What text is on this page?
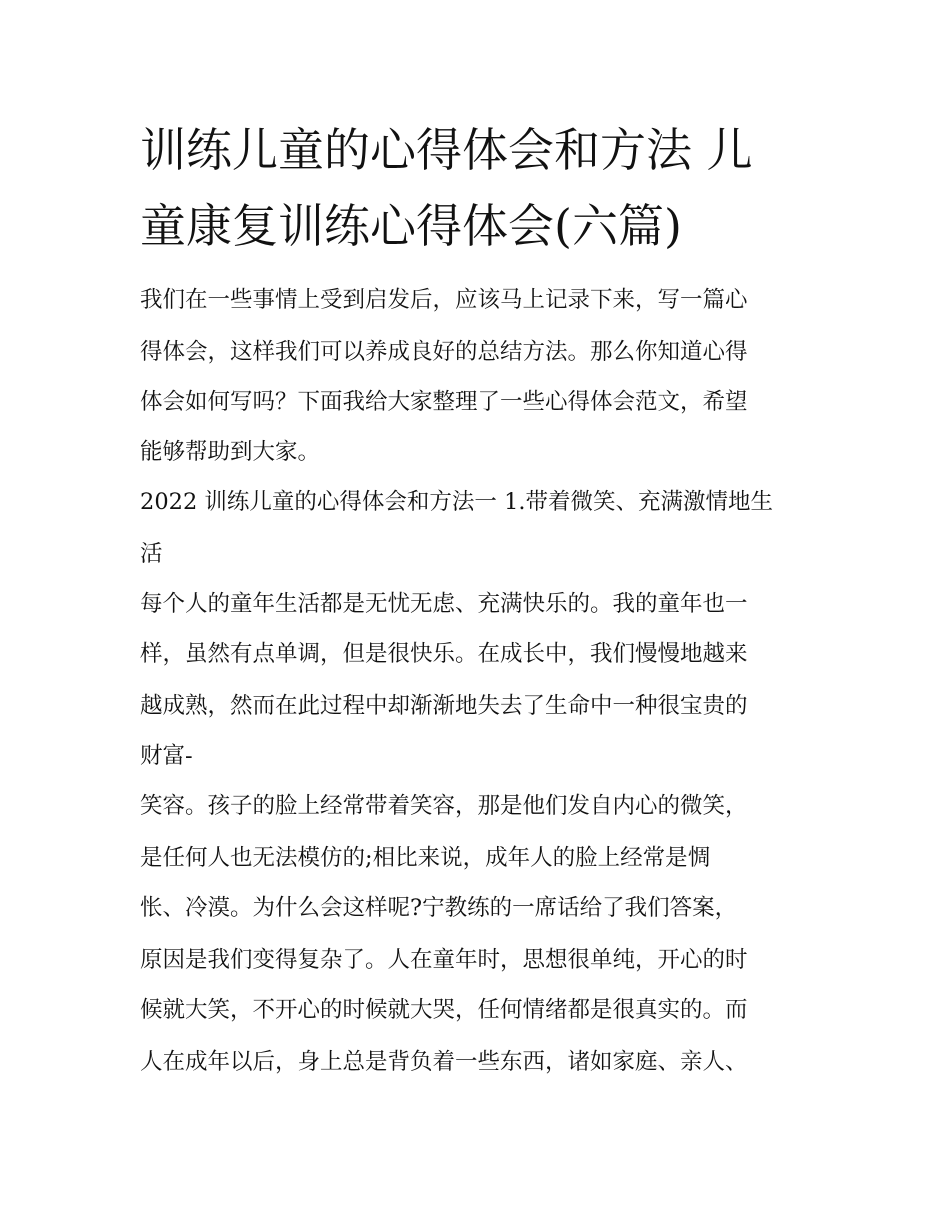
训练儿童的心得体会和方法 儿
童康复训练心得体会(六篇)
我们在一些事情上受到启发后，应该马上记录下来，写一篇心
得体会，这样我们可以养成良好的总结方法。那么你知道心得
体会如何写吗？下面我给大家整理了一些心得体会范文，希望
能够帮助到大家。
2022 训练儿童的心得体会和方法一 1.带着微笑、充满激情地生
活
每个人的童年生活都是无忧无虑、充满快乐的。我的童年也一
样，虽然有点单调，但是很快乐。在成长中，我们慢慢地越来
越成熟，然而在此过程中却渐渐地失去了生命中一种很宝贵的
财富-
笑容。孩子的脸上经常带着笑容，那是他们发自内心的微笑，
是任何人也无法模仿的;相比来说，成年人的脸上经常是惆
怅、冷漠。为什么会这样呢?宁教练的一席话给了我们答案，
原因是我们变得复杂了。人在童年时，思想很单纯，开心的时
候就大笑，不开心的时候就大哭，任何情绪都是很真实的。而
人在成年以后，身上总是背负着一些东西，诸如家庭、亲人、
